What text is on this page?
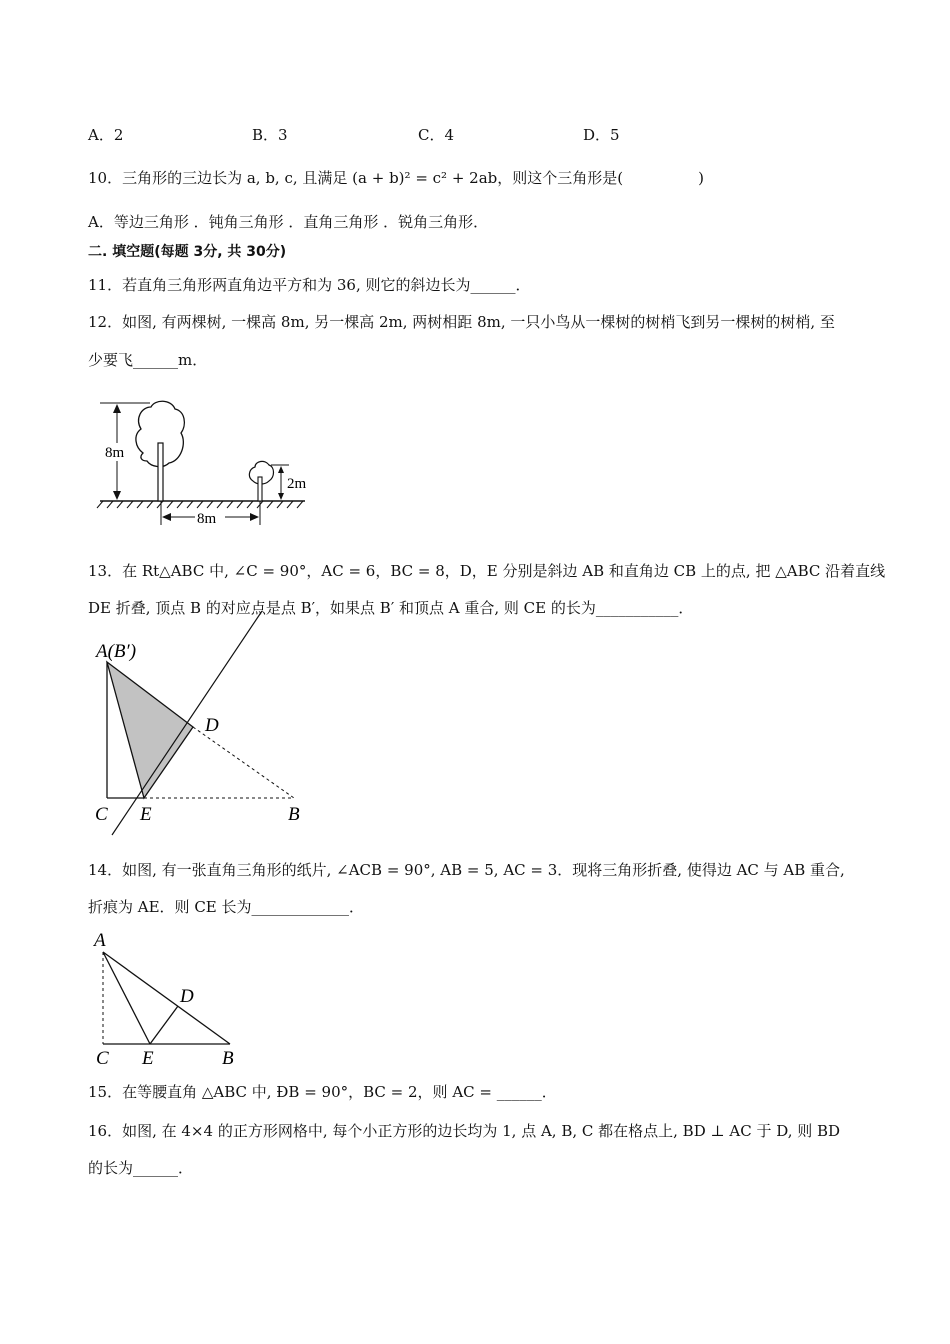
A．2	B．3	C．4	D．5
10．三角形的三边长为 a, b, c, 且满足 (a + b)² = c² + 2ab，则这个三角形是(　　　　　)
A．等边三角形 ．钝角三角形 ．直角三角形 ．锐角三角形．
二. 填空题(每题 3分, 共 30分)
11．若直角三角形两直角边平方和为 36, 则它的斜边长为______．
12．如图, 有两棵树, 一棵高 8m, 另一棵高 2m, 两树相距 8m, 一只小鸟从一棵树的树梢飞到另一棵树的树梢, 至
少要飞______m．
8m
2m
8m
13．在 Rt△ABC 中, ∠C = 90°，AC = 6，BC = 8，D，E 分别是斜边 AB 和直角边 CB 上的点, 把 △ABC 沿着直线
DE 折叠, 顶点 B 的对应点是点 B′，如果点 B′ 和顶点 A 重合, 则 CE 的长为___________．
A(B′)
D
C E	B
14．如图, 有一张直角三角形的纸片, ∠ACB = 90°, AB = 5, AC = 3．现将三角形折叠, 使得边 AC 与 AB 重合,
折痕为 AE．则 CE 长为_____________．
A
D
C E	B
15．在等腰直角 △ABC 中, ÐB = 90°，BC = 2，则 AC = ______．
16．如图, 在 4×4 的正方形网格中, 每个小正方形的边长均为 1, 点 A, B, C 都在格点上, BD ⊥ AC 于 D, 则 BD
的长为______．
